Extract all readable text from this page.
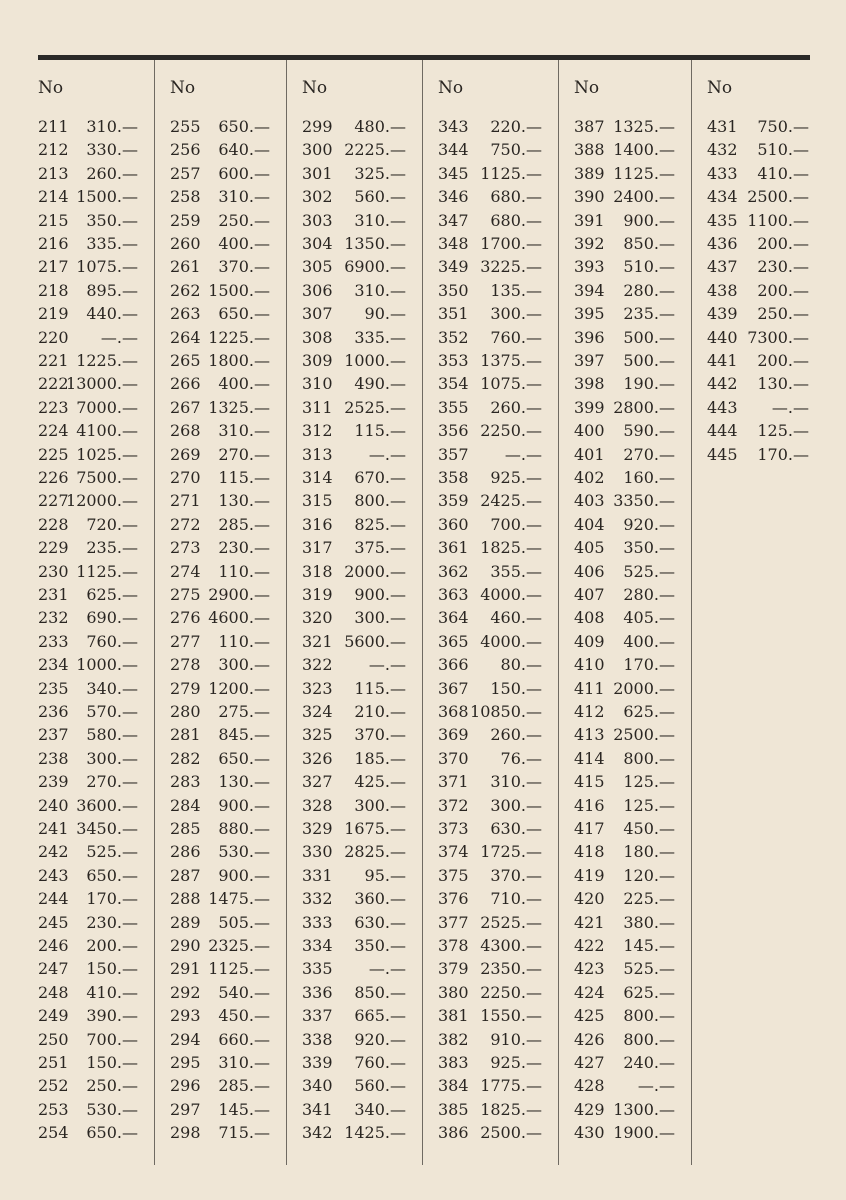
No
211 310.—
212 330.—
213 260.—
214 1500.—
215 350.—
216 335.—
217 1075.—
218 895.—
219 440.—
220 —.—
221 1225.—
222
13000.—
223 7000.—
224 4100.—
225 1025.—
226 7500.—
227
12000.—
228 720.—
229 235.—
230 1125.—
231 625.—
232 690.—
233 760.—
234 1000.—
235 340.—
236 570.—
237 580.—
238 300.—
239 270.—
240 3600.—
241 3450.—
242 525.—
243 650.—
244 170.—
245 230.—
246 200.—
247 150.—
248 410.—
249 390.—
250 700.—
251 150.—
252 250.—
253 530.—
254 650.—
No
255 650.—
256 640.—
257 600.—
258 310.—
259 250.—
260 400.—
261 370.—
262 1500.—
263 650.—
264 1225.—
265 1800.—
266 400.—
267 1325.—
268 310.—
269 270.—
270 115.—
271 130.—
272 285.—
273 230.—
274 110.—
275 2900.—
276 4600.—
277 110.—
278 300.—
279 1200.—
280 275.—
281 845.—
282 650.—
283 130.—
284 900.—
285 880.—
286 530.—
287 900.—
288 1475.—
289 505.—
290 2325.—
291 1125.—
292 540.—
293 450.—
294 660.—
295 310.—
296 285.—
297 145.—
298 715.—
No
299 480.—
300 2225.—
301 325.—
302 560.—
303 310.—
304 1350.—
305 6900.—
306 310.—
307 90.—
308 335.—
309 1000.—
310 490.—
311 2525.—
312 115.—
313 —.—
314 670.—
315 800.—
316 825.—
317 375.—
318 2000.—
319 900.—
320 300.—
321 5600.—
322 —.—
323 115.—
324 210.—
325 370.—
326 185.—
327 425.—
328 300.—
329 1675.—
330 2825.—
331 95.—
332 360.—
333 630.—
334 350.—
335 —.—
336 850.—
337 665.—
338 920.—
339 760.—
340 560.—
341 340.—
342 1425.—
No
343 220.—
344 750.—
345 1125.—
346 680.—
347 680.—
348 1700.—
349 3225.—
350 135.—
351 300.—
352 760.—
353 1375.—
354 1075.—
355 260.—
356 2250.—
357 —.—
358 925.—
359 2425.—
360 700.—
361 1825.—
362 355.—
363 4000.—
364 460.—
365 4000.—
366 80.—
367 150.—
368 10850.—
369 260.—
370 76.—
371 310.—
372 300.—
373 630.—
374 1725.—
375 370.—
376 710.—
377 2525.—
378 4300.—
379 2350.—
380 2250.—
381 1550.—
382 910.—
383 925.—
384 1775.—
385 1825.—
386 2500.—
No
387 1325.—
388 1400.—
389 1125.—
390 2400.—
391 900.—
392 850.—
393 510.—
394 280.—
395 235.—
396 500.—
397 500.—
398 190.—
399 2800.—
400 590.—
401 270.—
402 160.—
403 3350.—
404 920.—
405 350.—
406 525.—
407 280.—
408 405.—
409 400.—
410 170.—
411 2000.—
412 625.—
413 2500.—
414 800.—
415 125.—
416 125.—
417 450.—
418 180.—
419 120.—
420 225.—
421 380.—
422 145.—
423 525.—
424 625.—
425 800.—
426 800.—
427 240.—
428 —.—
429 1300.—
430 1900.—
No
431 750.—
432 510.—
433 410.—
434 2500.—
435 1100.—
436 200.—
437 230.—
438 200.—
439 250.—
440 7300.—
441 200.—
442 130.—
443 —.—
444 125.—
445 170.—
